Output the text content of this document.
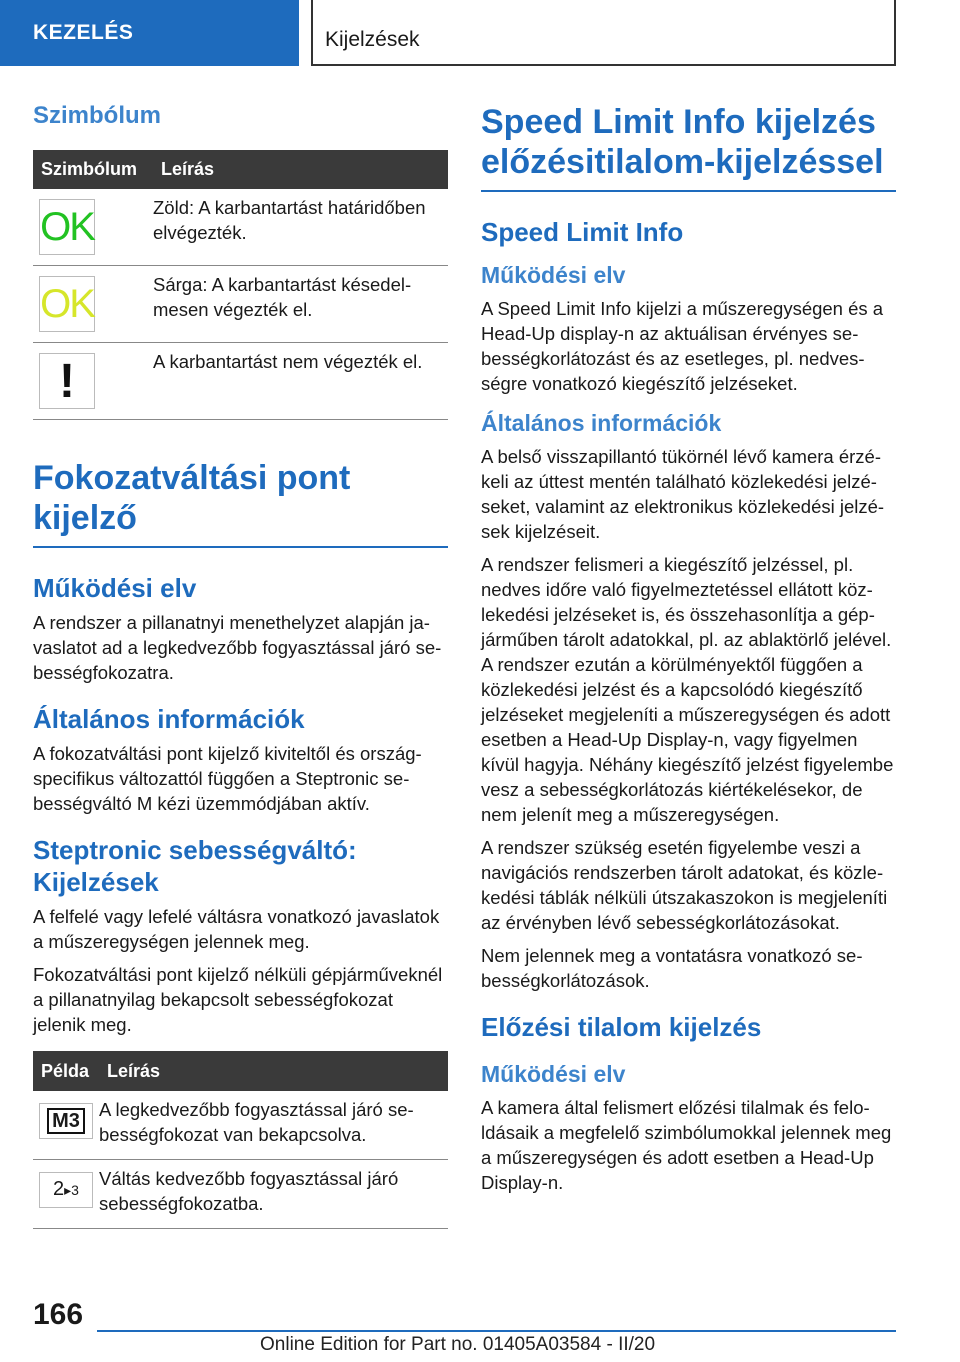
KEZELÉS	Kijelzések
Szimbólum
Szimbólum	Leírás

OK	Zöld: A karbantartást határidőben elvégezték.

OK	Sárga: A karbantartást késedelmesen végezték el.

!	A karbantartást nem végezték el.
Fokozatváltási pont kijelző
Működési elv

A rendszer a pillanatnyi menethelyzet alapján javaslatot ad a legkedvezőbb fogyasztással járó sebességfokozatra.

Általános információk

A fokozatváltási pont kijelző kiviteltől és országspecifikus változattól függően a Steptronic sebességváltó M kézi üzemmódjában aktív.

Steptronic sebességváltó: Kijelzések

A felfelé vagy lefelé váltásra vonatkozó javaslatok a műszeregységen jelennek meg.

Fokozatváltási pont kijelző nélküli gépjárműveknél a pillanatnyilag bekapcsolt sebességfokozat jelenik meg.

Példa	Leírás

M3	A legkedvezőbb fogyasztással járó sebességfokozat van bekapcsolva.

2▸3	Váltás kedvezőbb fogyasztással járó sebességfokozatba.
Speed Limit Info kijelzés előzésitilalom-kijelzéssel
Speed Limit Info
Működési elv

A Speed Limit Info kijelzi a műszeregységen és a Head-Up display-n az aktuálisan érvényes sebességkorlátozást és az esetleges, pl. nedvességre vonatkozó kiegészítő jelzéseket.

Általános információk

A belső visszapillantó tükörnél lévő kamera érzékeli az úttest mentén található közlekedési jelzéseket, valamint az elektronikus közlekedési jelzések kijelzéseit.

A rendszer felismeri a kiegészítő jelzéssel, pl. nedves időre való figyelmeztetéssel ellátott közlekedési jelzéseket is, és összehasonlítja a gépjárműben tárolt adatokkal, pl. az ablaktörlő jelével. A rendszer ezután a körülményektől függően a közlekedési jelzést és a kapcsolódó kiegészítő jelzéseket megjeleníti a műszeregységen és adott esetben a Head-Up Display-n, vagy figyelmen kívül hagyja. Néhány kiegészítő jelzést figyelembe vesz a sebességkorlátozás kiértékelésekor, de nem jelenít meg a műszeregységen.

A rendszer szükség esetén figyelembe veszi a navigációs rendszerben tárolt adatokat, és közlekedési táblák nélküli útszakaszokon is megjeleníti az érvényben lévő sebességkorlátozásokat.

Nem jelennek meg a vontatásra vonatkozó sebességkorlátozások.

Előzési tilalom kijelzés
Működési elv

A kamera által felismert előzési tilalmak és feloldásaik a megfelelő szimbólumokkal jelennek meg a műszeregységen és adott esetben a Head-Up Display-n.

166
Online Edition for Part no. 01405A03584 - II/20
